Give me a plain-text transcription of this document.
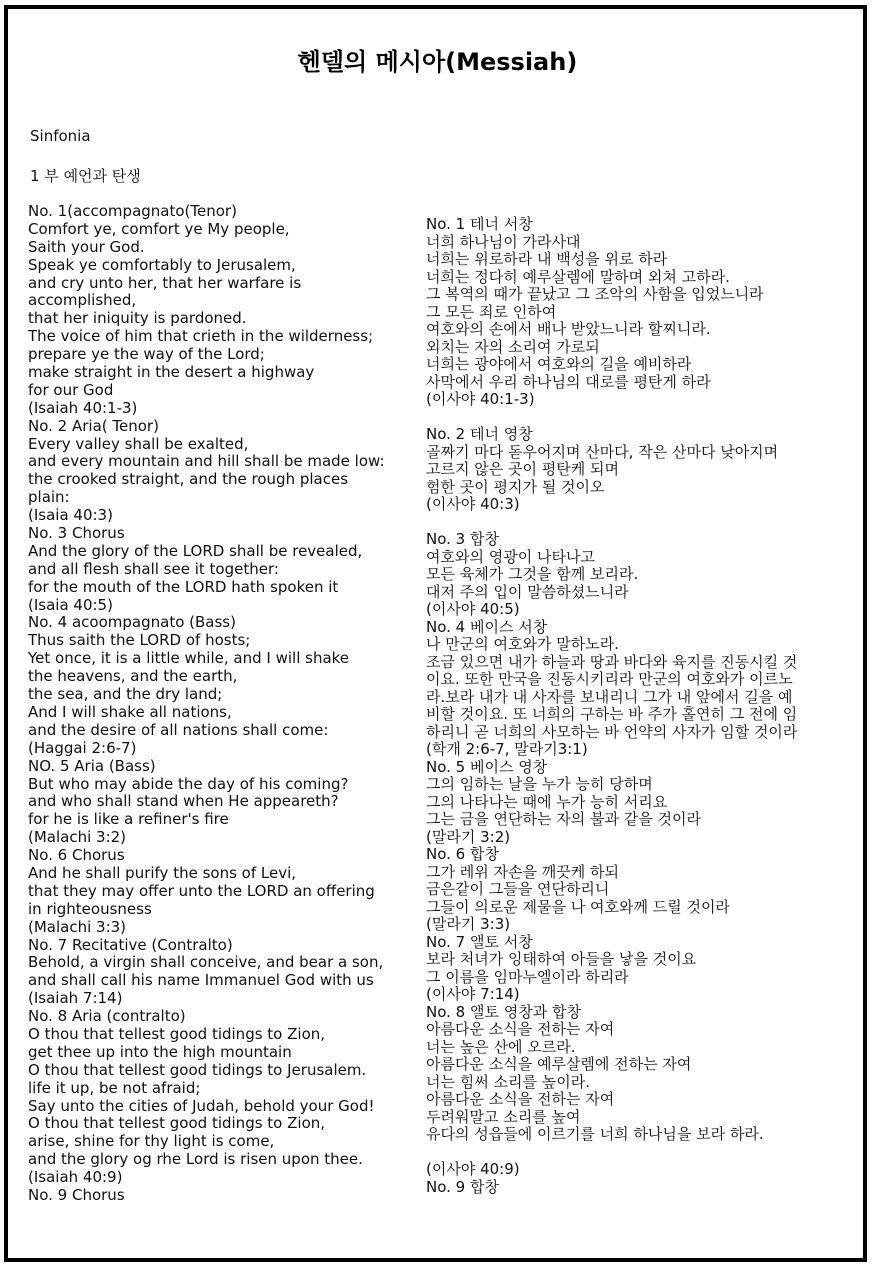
헨델의 메시아(Messiah)
Sinfonia
1 부 예언과 탄생
No. 1(accompagnato(Tenor)
Comfort ye, comfort ye My people,
Saith your God.
Speak ye comfortably to Jerusalem,
and cry unto her, that her warfare is
accomplished,
that her iniquity is pardoned.
The voice of him that crieth in the wilderness;
prepare ye the way of the Lord;
make straight in the desert a highway
for our God
(Isaiah 40:1-3)
No. 2 Aria( Tenor)
Every valley shall be exalted,
and every mountain and hill shall be made low:
the crooked straight, and the rough places
plain:
(Isaia 40:3)
No. 3 Chorus
And the glory of the LORD shall be revealed,
and all flesh shall see it together:
for the mouth of the LORD hath spoken it
(Isaia 40:5)
No. 4 acoompagnato (Bass)
Thus saith the LORD of hosts;
Yet once, it is a little while, and I will shake
the heavens, and the earth,
the sea, and the dry land;
And I will shake all nations,
and the desire of all nations shall come:
(Haggai 2:6-7)
NO. 5 Aria (Bass)
But who may abide the day of his coming?
and who shall stand when He appeareth?
for he is like a refiner's fire
(Malachi 3:2)
No. 6 Chorus
And he shall purify the sons of Levi,
that they may offer unto the LORD an offering
in righteousness
(Malachi 3:3)
No. 7 Recitative (Contralto)
Behold, a virgin shall conceive, and bear a son,
and shall call his name Immanuel God with us
(Isaiah 7:14)
No. 8 Aria (contralto)
O thou that tellest good tidings to Zion,
get thee up into the high mountain
O thou that tellest good tidings to Jerusalem.
life it up, be not afraid;
Say unto the cities of Judah, behold your God!
O thou that tellest good tidings to Zion,
arise, shine for thy light is come,
and the glory og rhe Lord is risen upon thee.
(Isaiah 40:9)
No. 9 Chorus
No. 1 테너 서창
너희 하나님이 가라사대
너희는 위로하라 내 백성을 위로 하라
너희는 정다히 예루살렘에 말하며 외쳐 고하라.
그 복역의 때가 끝났고 그 조악의 사함을 입었느니라
그 모든 죄로 인하여
여호와의 손에서 배나 받았느니라 할찌니라.
외치는 자의 소리여 가로되
너희는 광야에서 여호와의 길을 예비하라
사막에서 우리 하나님의 대로를 평탄게 하라
(이사야 40:1-3)
No. 2 테너 영창
골짜기 마다 돋우어지며 산마다, 작은 산마다 낮아지며
고르지 않은 곳이 평탄케 되며
험한 곳이 평지가 될 것이오
(이사야 40:3)
No. 3 합창
여호와의 영광이 나타나고
모든 육체가 그것을 함께 보리라.
대저 주의 입이 말씀하셨느니라
(이사야 40:5)
No. 4 베이스 서창
나 만군의 여호와가 말하노라.
조금 있으면 내가 하늘과 땅과 바다와 육지를 진동시킬 것
이요. 또한 만국을 진동시키리라 만군의 여호와가 이르노
라.보라 내가 내 사자를 보내리니 그가 내 앞에서 길을 예
비할 것이요. 또 너희의 구하는 바 주가 홀연히 그 전에 임
하리니 곧 너희의 사모하는 바 언약의 사자가 임할 것이라
(학개 2:6-7, 말라기3:1)
No. 5 베이스 영창
그의 임하는 날을 누가 능히 당하며
그의 나타나는 때에 누가 능히 서리요
그는 금을 연단하는 자의 불과 같을 것이라
(말라기 3:2)
No. 6 합창
그가 레위 자손을 깨끗케 하되
금은같이 그들을 연단하리니
그들이 의로운 제물을 나 여호와께 드릴 것이라
(말라기 3:3)
No. 7 앨토 서창
보라 처녀가 잉태하여 아들을 낳을 것이요
그 이름을 임마누엘이라 하리라
(이사야 7:14)
No. 8 앨토 영창과 합창
아름다운 소식을 전하는 자여
너는 높은 산에 오르라.
아름다운 소식을 예루살렘에 전하는 자여
너는 힘써 소리를 높이라.
아름다운 소식을 전하는 자여
두려워말고 소리를 높여
유다의 성읍들에 이르기를 너희 하나님을 보라 하라.
(이사야 40:9)
No. 9 합창
